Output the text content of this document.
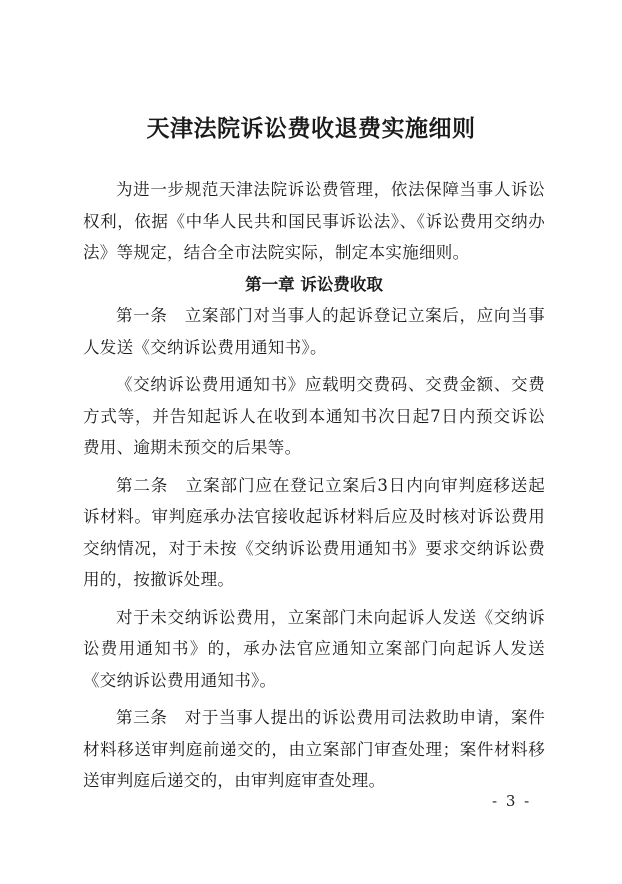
天津法院诉讼费收退费实施细则

为进一步规范天津法院诉讼费管理，依法保障当事人诉讼权利，依据《中华人民共和国民事诉讼法》、《诉讼费用交纳办法》等规定，结合全市法院实际，制定本实施细则。

第一章 诉讼费收取

第一条　立案部门对当事人的起诉登记立案后，应向当事人发送《交纳诉讼费用通知书》。

《交纳诉讼费用通知书》应载明交费码、交费金额、交费方式等，并告知起诉人在收到本通知书次日起7日内预交诉讼费用、逾期未预交的后果等。

第二条　立案部门应在登记立案后3日内向审判庭移送起诉材料。审判庭承办法官接收起诉材料后应及时核对诉讼费用交纳情况，对于未按《交纳诉讼费用通知书》要求交纳诉讼费用的，按撤诉处理。

对于未交纳诉讼费用，立案部门未向起诉人发送《交纳诉讼费用通知书》的，承办法官应通知立案部门向起诉人发送《交纳诉讼费用通知书》。

第三条　对于当事人提出的诉讼费用司法救助申请，案件材料移送审判庭前递交的，由立案部门审查处理；案件材料移送审判庭后递交的，由审判庭审查处理。

- 3 -
